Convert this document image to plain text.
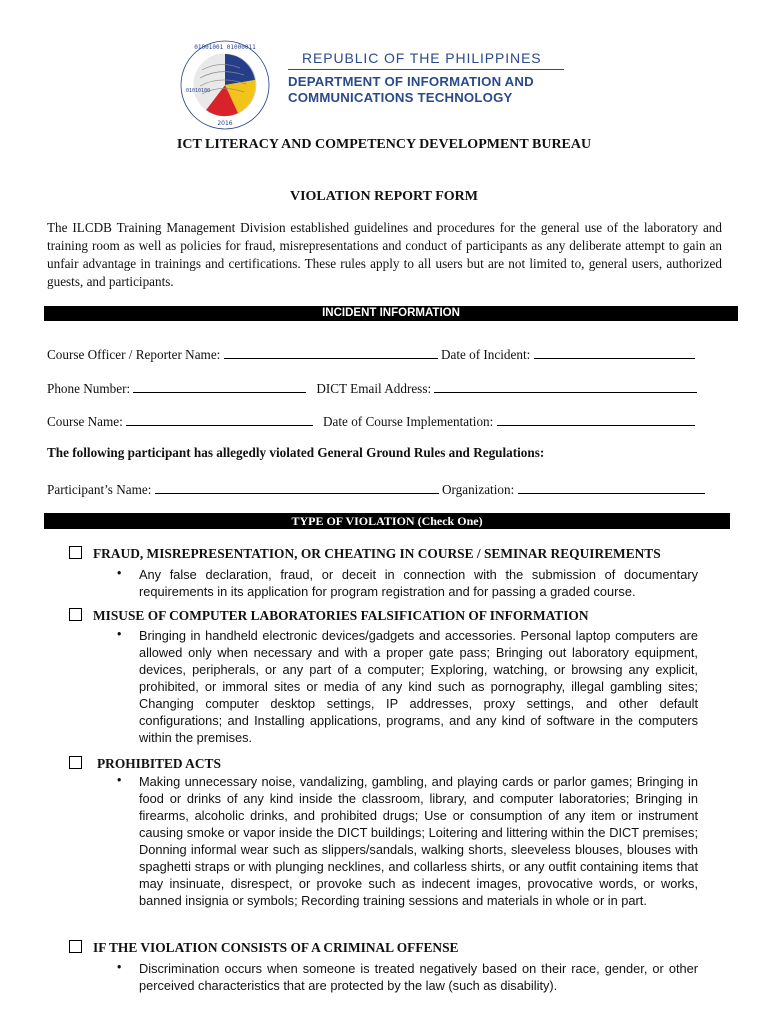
01001001 01000011
01010100
2016
REPUBLIC OF THE PHILIPPINES
DEPARTMENT OF INFORMATION AND
COMMUNICATIONS TECHNOLOGY
ICT LITERACY AND COMPETENCY DEVELOPMENT BUREAU
VIOLATION REPORT FORM
The ILCDB Training Management Division established guidelines and procedures for the general use of the laboratory and training room as well as policies for fraud, misrepresentations and conduct of participants as any deliberate attempt to gain an unfair advantage in trainings and certifications. These rules apply to all users but are not limited to, general users, authorized guests, and participants.
INCIDENT INFORMATION
Course Officer / Reporter Name:	Date of Incident:
Phone Number:	DICT Email Address:
Course Name:	Date of Course Implementation:
The following participant has allegedly violated General Ground Rules and Regulations:
Participant’s Name:	Organization:
TYPE OF VIOLATION (Check One)
FRAUD, MISREPRESENTATION, OR CHEATING IN COURSE / SEMINAR REQUIREMENTS
• Any false declaration, fraud, or deceit in connection with the submission of documentary requirements in its application for program registration and for passing a graded course.
MISUSE OF COMPUTER LABORATORIES FALSIFICATION OF INFORMATION
• Bringing in handheld electronic devices/gadgets and accessories. Personal laptop computers are allowed only when necessary and with a proper gate pass; Bringing out laboratory equipment, devices, peripherals, or any part of a computer; Exploring, watching, or browsing any explicit, prohibited, or immoral sites or media of any kind such as pornography, illegal gambling sites; Changing computer desktop settings, IP addresses, proxy settings, and other default configurations; and Installing applications, programs, and any kind of software in the computers within the premises.
PROHIBITED ACTS
• Making unnecessary noise, vandalizing, gambling, and playing cards or parlor games; Bringing in food or drinks of any kind inside the classroom, library, and computer laboratories; Bringing in firearms, alcoholic drinks, and prohibited drugs; Use or consumption of any item or instrument causing smoke or vapor inside the DICT buildings; Loitering and littering within the DICT premises; Donning informal wear such as slippers/sandals, walking shorts, sleeveless blouses, blouses with spaghetti straps or with plunging necklines, and collarless shirts, or any outfit containing items that may insinuate, disrespect, or provoke such as indecent images, provocative words, or works, banned insignia or symbols; Recording training sessions and materials in whole or in part.
IF THE VIOLATION CONSISTS OF A CRIMINAL OFFENSE
• Discrimination occurs when someone is treated negatively based on their race, gender, or other perceived characteristics that are protected by the law (such as disability).
